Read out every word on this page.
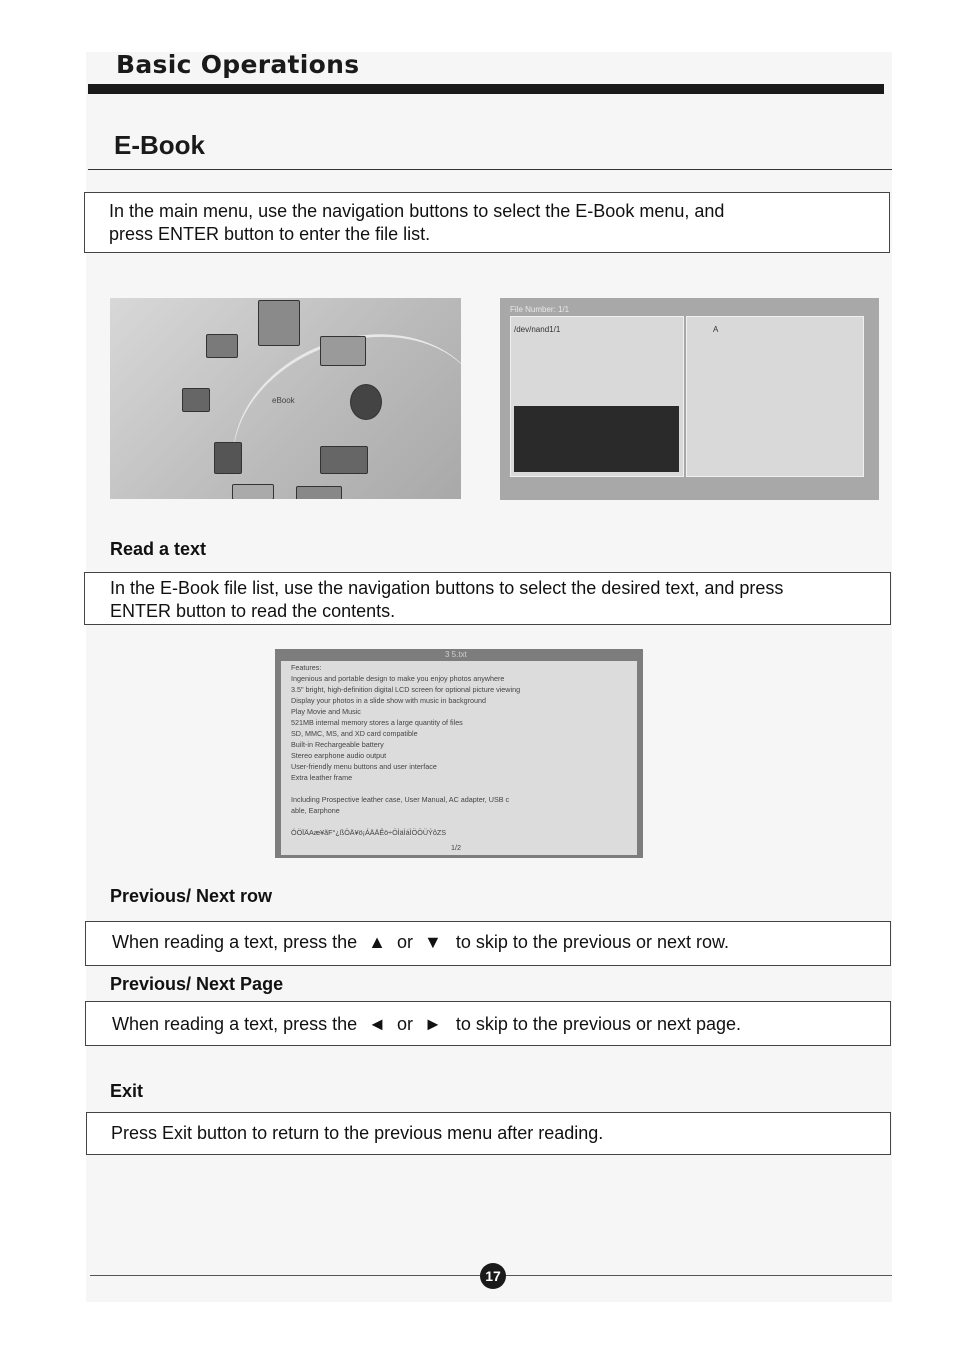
Basic Operations
E-Book
In the main menu, use the navigation buttons to select the E-Book menu, and
press ENTER button to enter the file list.
eBook
File Number: 1/1
/dev/nand1/1	A
Read a text
In the E-Book file list, use the navigation buttons to select the desired text, and press
ENTER button to read the contents.
3 5.txt
Features:
Ingenious and portable design to make you enjoy photos anywhere
3.5" bright, high-definition digital LCD screen for optional picture viewing
Display your photos in a slide show with music in background
Play Movie and Music
521MB internal memory stores a large quantity of files
SD, MMC, MS, and XD card compatible
Built-in Rechargeable battery
Stereo earphone audio output
User-friendly menu buttons and user interface
Extra leather frame
Including Prospective leather case, User Manual, AC adapter, USB c
able, Earphone
ÓÖÏÄAæ¥ãF°¿ßÖÄ¥ö¡ÁÄÄÊö÷ÖÌäÌáÌÖÖÜÝôZS
1/2
Previous/ Next row
When reading a text, press the ▲ or ▼ to skip to the previous or next row.
Previous/ Next Page
When reading a text, press the ◄ or ► to skip to the previous or next page.
Exit
Press Exit button to return to the previous menu after reading.
17
